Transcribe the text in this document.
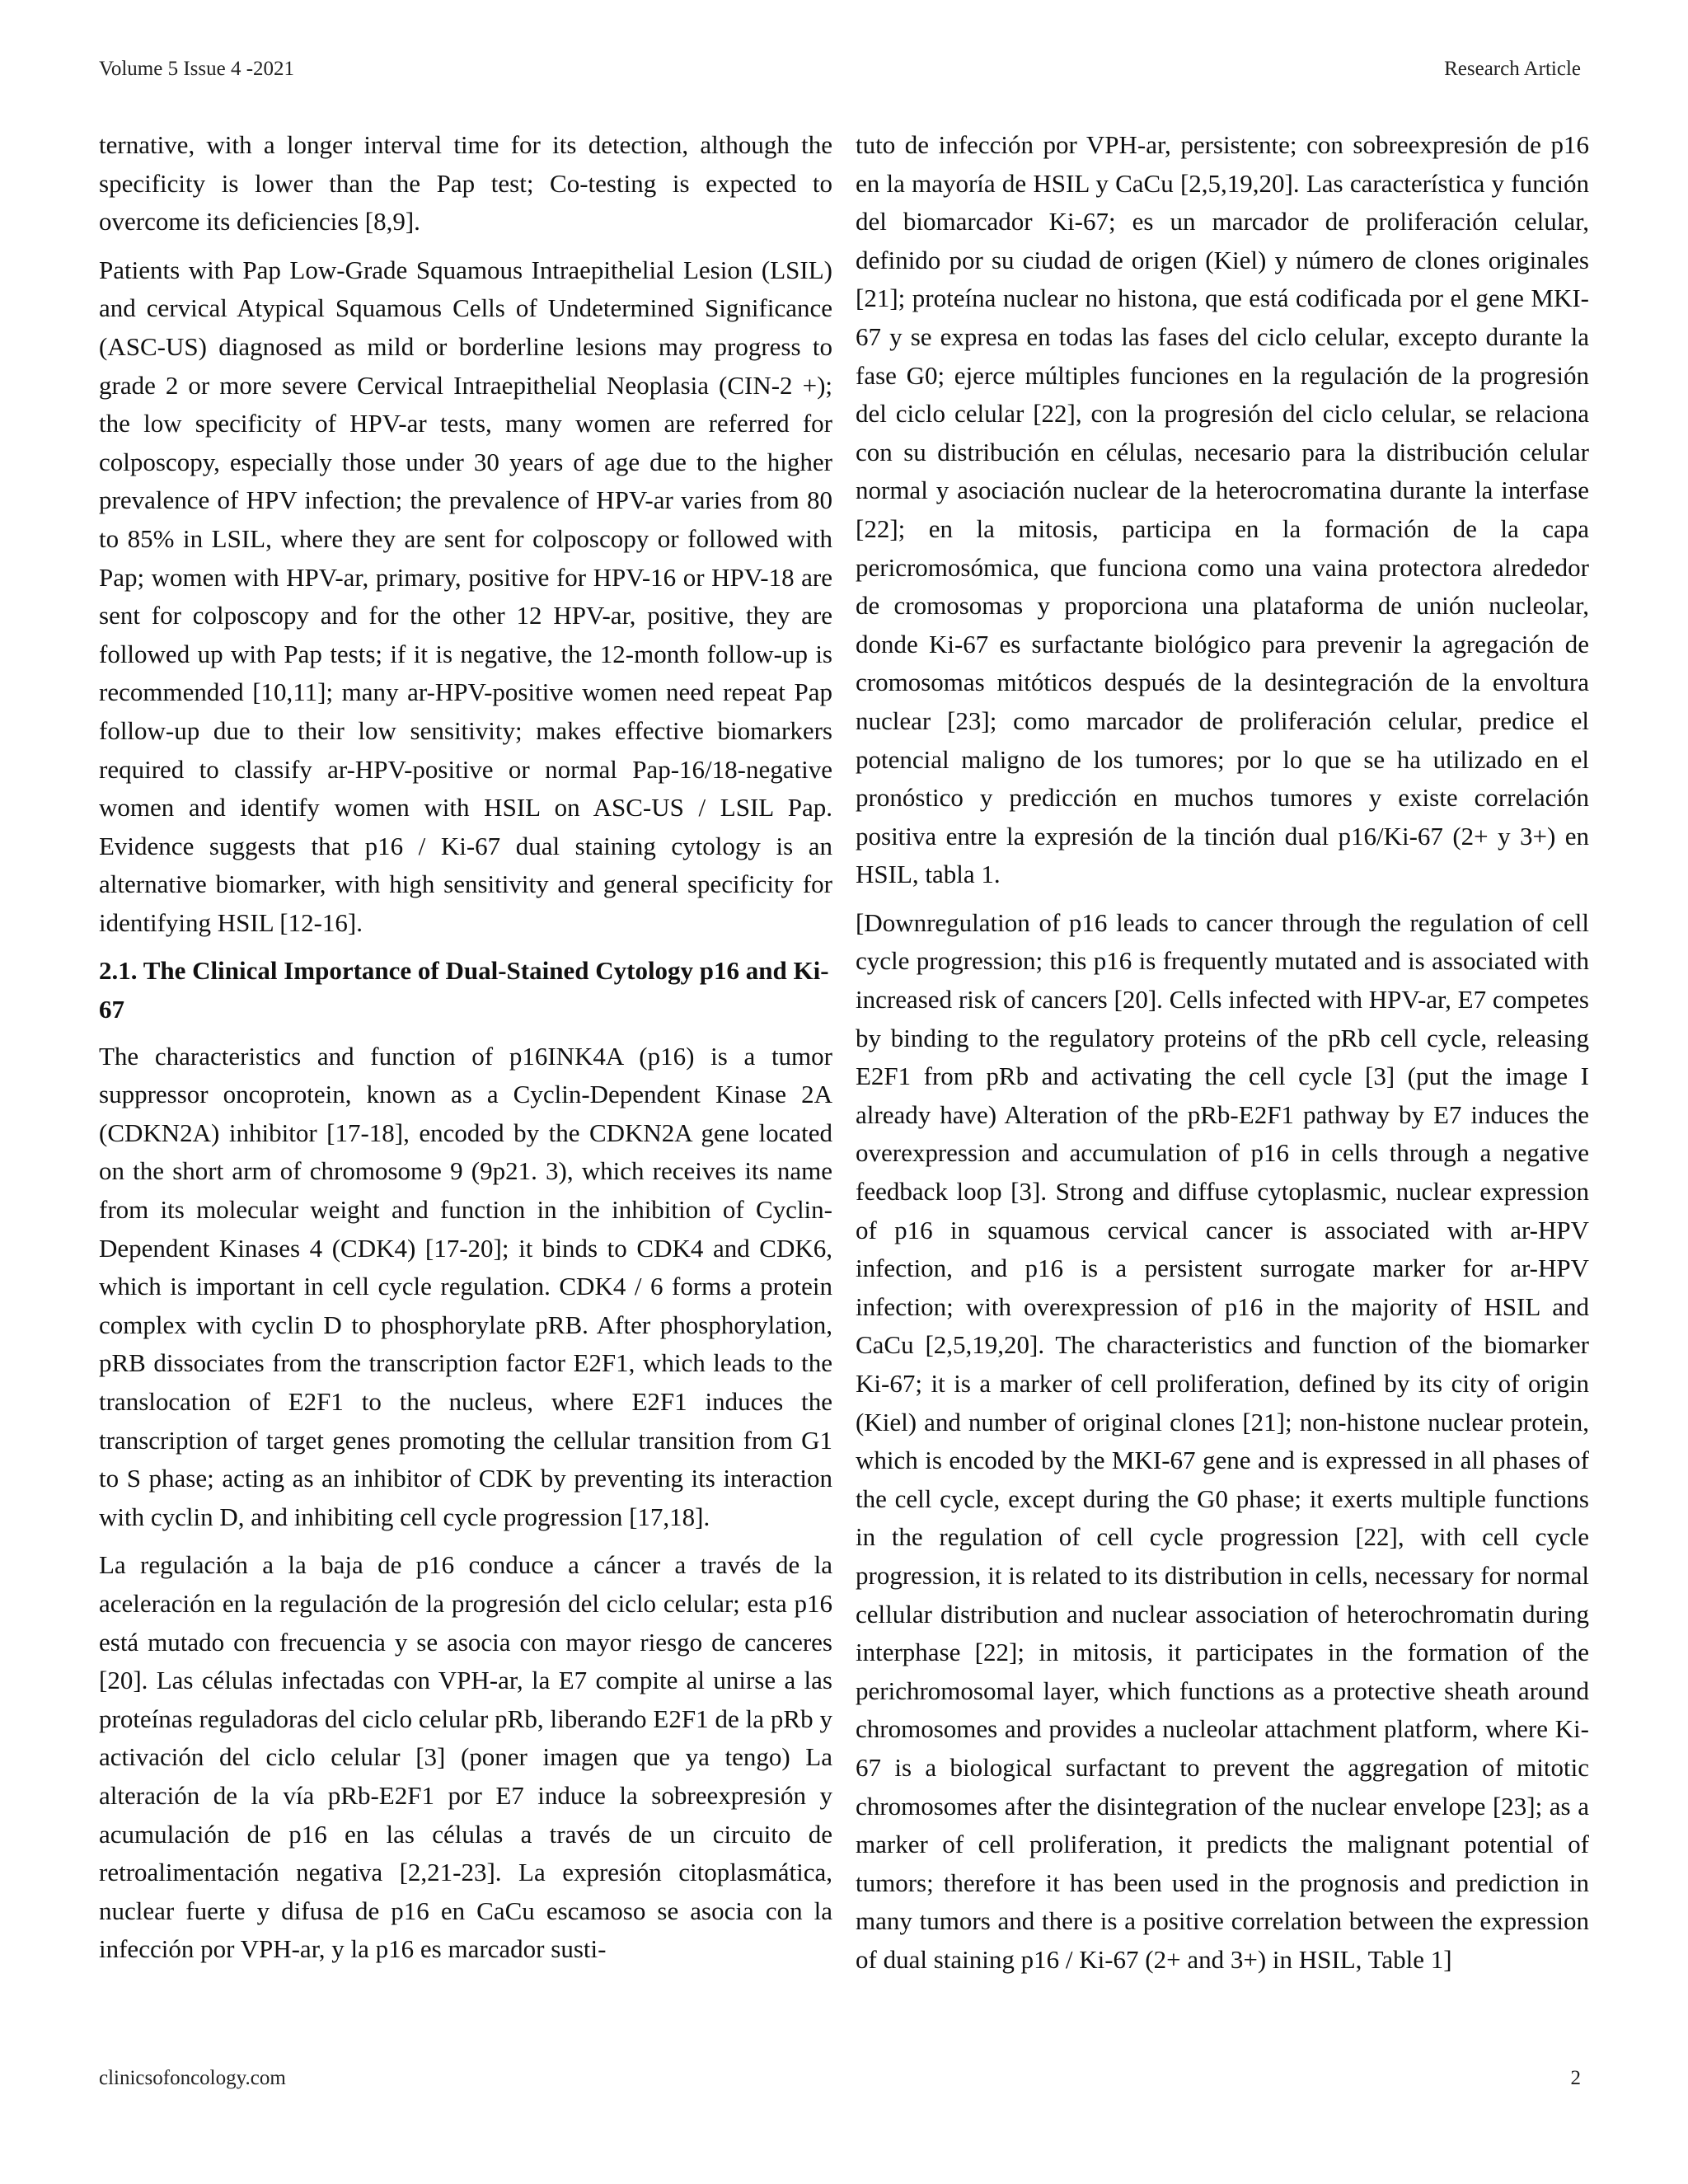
Volume 5 Issue 4 -2021	Research Article

ternative, with a longer interval time for its detection, although the specificity is lower than the Pap test; Co-testing is expected to overcome its deficiencies [8,9].

Patients with Pap Low-Grade Squamous Intraepithelial Lesion (LSIL) and cervical Atypical Squamous Cells of Undetermined Significance (ASC-US) diagnosed as mild or borderline lesions may progress to grade 2 or more severe Cervical Intraepithelial Neoplasia (CIN-2 +); the low specificity of HPV-ar tests, many women are referred for colposcopy, especially those under 30 years of age due to the higher prevalence of HPV infection; the prevalence of HPV-ar varies from 80 to 85% in LSIL, where they are sent for colposcopy or followed with Pap; women with HPV-ar, primary, positive for HPV-16 or HPV-18 are sent for colposcopy and for the other 12 HPV-ar, positive, they are followed up with Pap tests; if it is negative, the 12-month follow-up is recommended [10,11]; many ar-HPV-positive women need repeat Pap follow-up due to their low sensitivity; makes effective biomarkers required to classify ar-HPV-positive or normal Pap-16/18-negative women and identify women with HSIL on ASC-US / LSIL Pap. Evidence suggests that p16 / Ki-67 dual staining cytology is an alternative biomarker, with high sensitivity and general specificity for identifying HSIL [12-16].

2.1. The Clinical Importance of Dual-Stained Cytology p16 and Ki-67

The characteristics and function of p16INK4A (p16) is a tumor suppressor oncoprotein, known as a Cyclin-Dependent Kinase 2A (CDKN2A) inhibitor [17-18], encoded by the CDKN2A gene located on the short arm of chromosome 9 (9p21. 3), which receives its name from its molecular weight and function in the inhibition of Cyclin-Dependent Kinases 4 (CDK4) [17-20]; it binds to CDK4 and CDK6, which is important in cell cycle regulation. CDK4 / 6 forms a protein complex with cyclin D to phosphorylate pRB. After phosphorylation, pRB dissociates from the transcription factor E2F1, which leads to the translocation of E2F1 to the nucleus, where E2F1 induces the transcription of target genes promoting the cellular transition from G1 to S phase; acting as an inhibitor of CDK by preventing its interaction with cyclin D, and inhibiting cell cycle progression [17,18].

La regulación a la baja de p16 conduce a cáncer a través de la aceleración en la regulación de la progresión del ciclo celular; esta p16 está mutado con frecuencia y se asocia con mayor riesgo de canceres [20]. Las células infectadas con VPH-ar, la E7 compite al unirse a las proteínas reguladoras del ciclo celular pRb, liberando E2F1 de la pRb y activación del ciclo celular [3] (poner imagen que ya tengo) La alteración de la vía pRb-E2F1 por E7 induce la sobreexpresión y acumulación de p16 en las células a través de un circuito de retroalimentación negativa [2,21-23]. La expresión citoplasmática, nuclear fuerte y difusa de p16 en CaCu escamoso se asocia con la infección por VPH-ar, y la p16 es marcador susti-

tuto de infección por VPH-ar, persistente; con sobreexpresión de p16 en la mayoría de HSIL y CaCu [2,5,19,20]. Las característica y función del biomarcador Ki-67; es un marcador de proliferación celular, definido por su ciudad de origen (Kiel) y número de clones originales [21]; proteína nuclear no histona, que está codificada por el gene MKI-67 y se expresa en todas las fases del ciclo celular, excepto durante la fase G0; ejerce múltiples funciones en la regulación de la progresión del ciclo celular [22], con la progresión del ciclo celular, se relaciona con su distribución en células, necesario para la distribución celular normal y asociación nuclear de la heterocromatina durante la interfase [22]; en la mitosis, participa en la formación de la capa pericromosómica, que funciona como una vaina protectora alrededor de cromosomas y proporciona una plataforma de unión nucleolar, donde Ki-67 es surfactante biológico para prevenir la agregación de cromosomas mitóticos después de la desintegración de la envoltura nuclear [23]; como marcador de proliferación celular, predice el potencial maligno de los tumores; por lo que se ha utilizado en el pronóstico y predicción en muchos tumores y existe correlación positiva entre la expresión de la tinción dual p16/Ki-67 (2+ y 3+) en HSIL, tabla 1.

[Downregulation of p16 leads to cancer through the regulation of cell cycle progression; this p16 is frequently mutated and is associated with increased risk of cancers [20]. Cells infected with HPV-ar, E7 competes by binding to the regulatory proteins of the pRb cell cycle, releasing E2F1 from pRb and activating the cell cycle [3] (put the image I already have) Alteration of the pRb-E2F1 pathway by E7 induces the overexpression and accumulation of p16 in cells through a negative feedback loop [3]. Strong and diffuse cytoplasmic, nuclear expression of p16 in squamous cervical cancer is associated with ar-HPV infection, and p16 is a persistent surrogate marker for ar-HPV infection; with overexpression of p16 in the majority of HSIL and CaCu [2,5,19,20]. The characteristics and function of the biomarker Ki-67; it is a marker of cell proliferation, defined by its city of origin (Kiel) and number of original clones [21]; non-histone nuclear protein, which is encoded by the MKI-67 gene and is expressed in all phases of the cell cycle, except during the G0 phase; it exerts multiple functions in the regulation of cell cycle progression [22], with cell cycle progression, it is related to its distribution in cells, necessary for normal cellular distribution and nuclear association of heterochromatin during interphase [22]; in mitosis, it participates in the formation of the perichromosomal layer, which functions as a protective sheath around chromosomes and provides a nucleolar attachment platform, where Ki-67 is a biological surfactant to prevent the aggregation of mitotic chromosomes after the disintegration of the nuclear envelope [23]; as a marker of cell proliferation, it predicts the malignant potential of tumors; therefore it has been used in the prognosis and prediction in many tumors and there is a positive correlation between the expression of dual staining p16 / Ki-67 (2+ and 3+) in HSIL, Table 1]

clinicsofoncology.com	2
